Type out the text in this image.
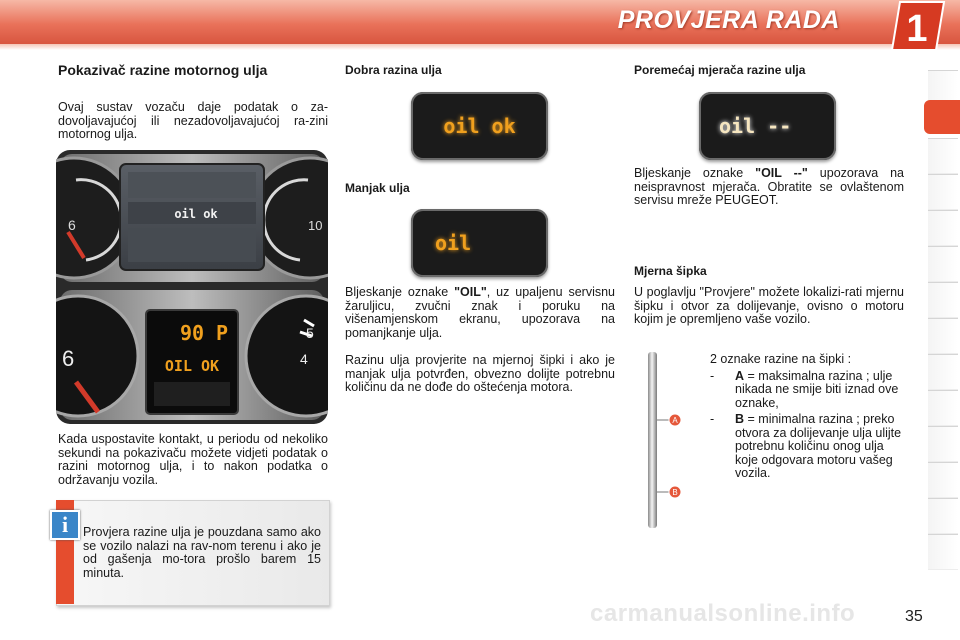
PROVJERA RADA 1
Pokazivač razine motornog ulja

Ovaj sustav vozaču daje podatak o za-dovoljavajućoj ili nezadovoljavajućoj ra-zini motornog ulja.

6	10
oil ok
6
5
4
90 P
OIL OK

Kada uspostavite kontakt, u periodu od nekoliko sekundi na pokazivaču možete vidjeti podatak o razini motornog ulja, i to nakon podatka o održavanju vozila.

i	Provjera razine ulja je pouzdana samo ako se vozilo nalazi na rav-nom terenu i ako je od gašenja mo-tora prošlo barem 15 minuta.

Dobra razina ulja
oil ok
Manjak ulja
oil

Bljeskanje oznake "OIL", uz upaljenu servisnu žaruljicu, zvučni znak i poruku na višenamjenskom ekranu, upozorava na pomanjkanje ulja.

Razinu ulja provjerite na mjernoj šipki i ako je manjak ulja potvrđen, obvezno dolijte potrebnu količinu da ne dođe do oštećenja motora.

Poremećaj mjerača razine ulja
oil --

Bljeskanje oznake "OIL --" upozorava na neispravnost mjerača. Obratite se ovlaštenom servisu mreže PEUGEOT.

Mjerna šipka

U poglavlju "Provjere" možete lokalizi-rati mjernu šipku i otvor za dolijevanje, ovisno o motoru kojim je opremljeno vaše vozilo.

A
B
2 oznake razine na šipki :
- A = maksimalna razina ; ulje nikada ne smije biti iznad ove oznake,
- B = minimalna razina ; preko otvora za dolijevanje ulja ulijte potrebnu količinu onog ulja koje odgovara motoru vašeg vozila.
carmanualsonline.info	35
